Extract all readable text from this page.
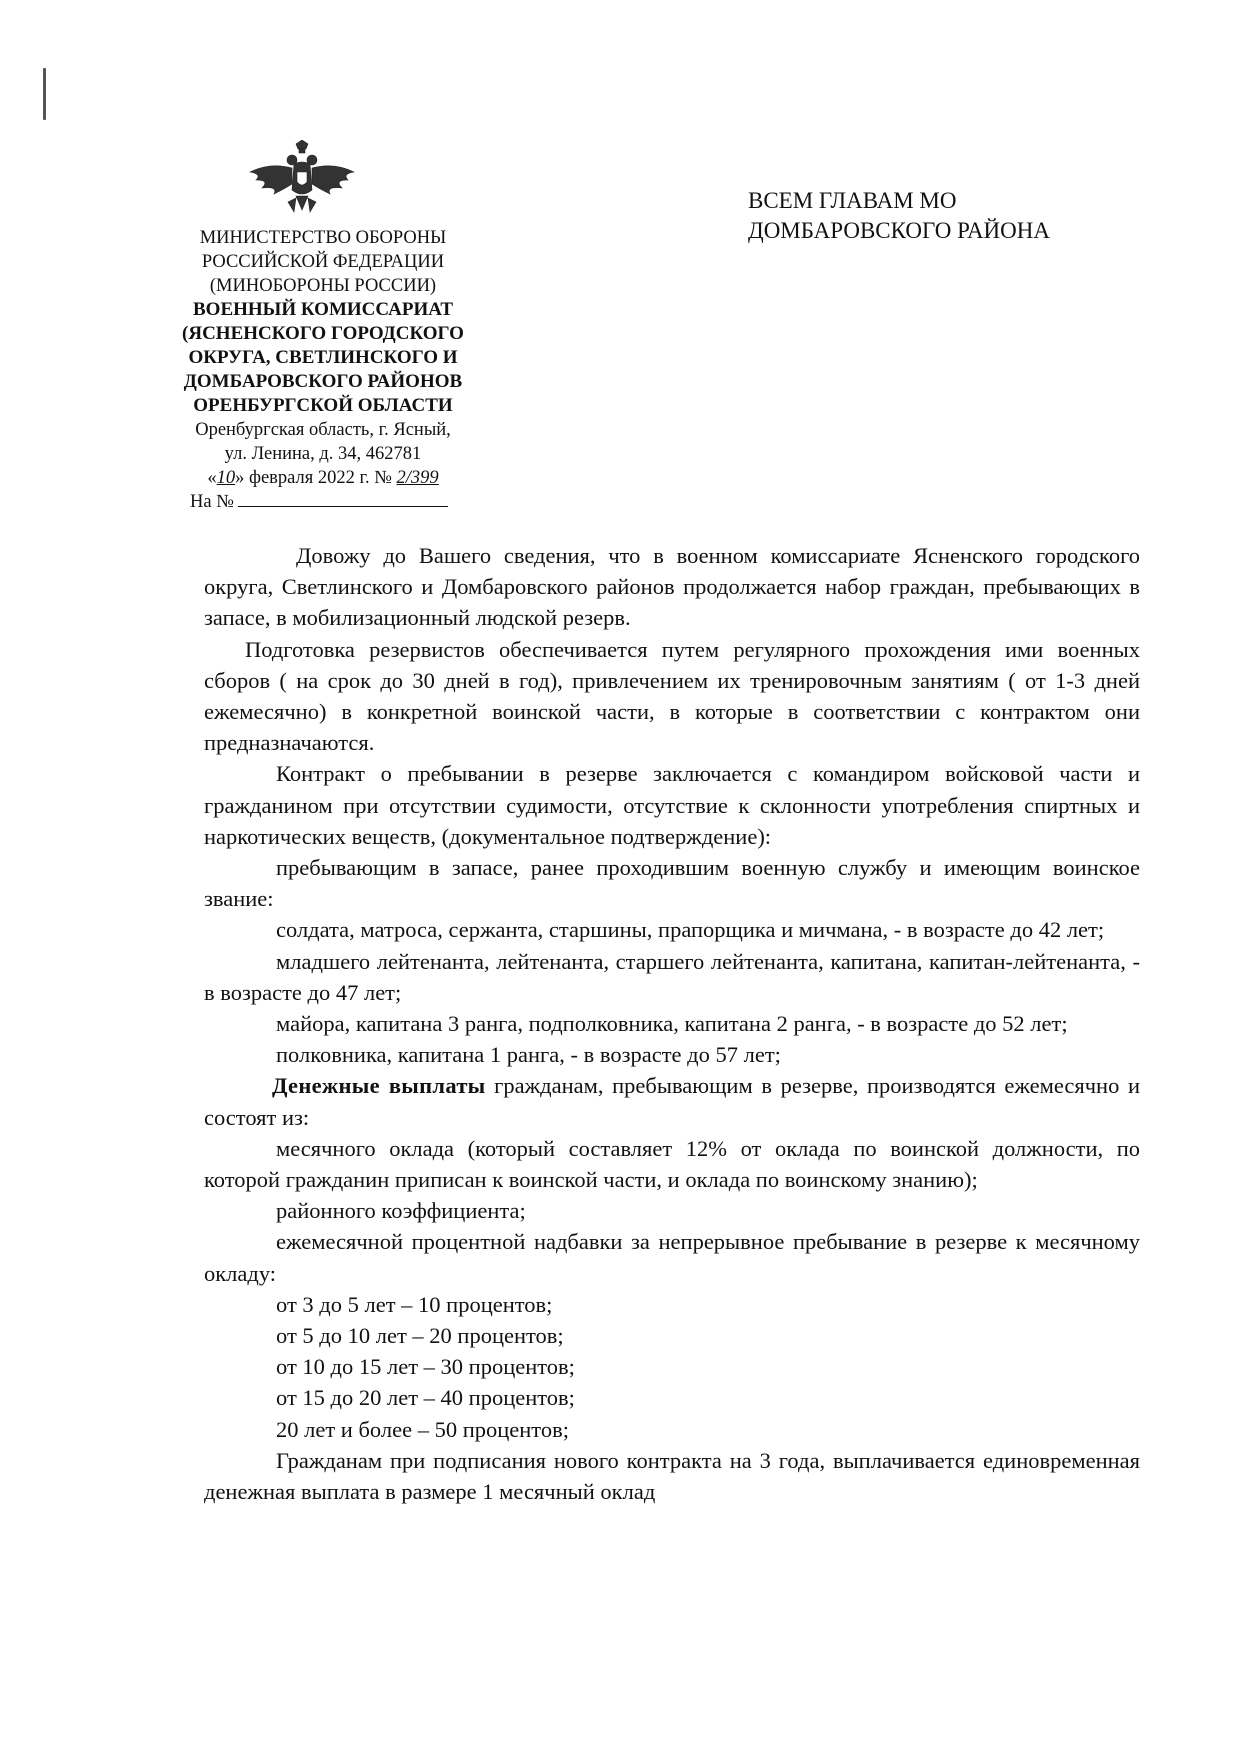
МИНИСТЕРСТВО ОБОРОНЫ
РОССИЙСКОЙ ФЕДЕРАЦИИ
(МИНОБОРОНЫ РОССИИ)
ВОЕННЫЙ КОМИССАРИАТ
(ЯСНЕНСКОГО ГОРОДСКОГО
ОКРУГА, СВЕТЛИНСКОГО И
ДОМБАРОВСКОГО РАЙОНОВ
ОРЕНБУРГСКОЙ ОБЛАСТИ
Оренбургская область, г. Ясный,
ул. Ленина, д. 34, 462781
«10» февраля 2022 г. № 2/399
На №
ВСЕМ ГЛАВАМ МО
ДОМБАРОВСКОГО РАЙОНА

Довожу до Вашего сведения, что в военном комиссариате Ясненского городского округа, Светлинского и Домбаровского районов продолжается набор граждан, пребывающих в запасе, в мобилизационный людской резерв.

Подготовка резервистов обеспечивается путем регулярного прохождения ими военных сборов ( на срок до 30 дней в год), привлечением их тренировочным занятиям ( от 1-3 дней ежемесячно) в конкретной воинской части, в которые в соответствии с контрактом они предназначаются.

Контракт о пребывании в резерве заключается с командиром войсковой части и гражданином при отсутствии судимости, отсутствие к склонности употребления спиртных и наркотических веществ, (документальное подтверждение):

пребывающим в запасе, ранее проходившим военную службу и имеющим воинское звание:

солдата, матроса, сержанта, старшины, прапорщика и мичмана, - в возрасте до 42 лет;

младшего лейтенанта, лейтенанта, старшего лейтенанта, капитана, капитан-лейтенанта, - в возрасте до 47 лет;

майора, капитана 3 ранга, подполковника, капитана 2 ранга, - в возрасте до 52 лет;

полковника, капитана 1 ранга, - в возрасте до 57 лет;

Денежные выплаты гражданам, пребывающим в резерве, производятся ежемесячно и состоят из:

месячного оклада (который составляет 12% от оклада по воинской должности, по которой гражданин приписан к воинской части, и оклада по воинскому знанию);

районного коэффициента;

ежемесячной процентной надбавки за непрерывное пребывание в резерве к месячному окладу:

от 3 до 5 лет – 10 процентов;

от 5 до 10 лет – 20 процентов;

от 10 до 15 лет – 30 процентов;

от 15 до 20 лет – 40 процентов;

20 лет и более – 50 процентов;

Гражданам при подписания нового контракта на 3 года, выплачивается единовременная денежная выплата в размере 1 месячный оклад
